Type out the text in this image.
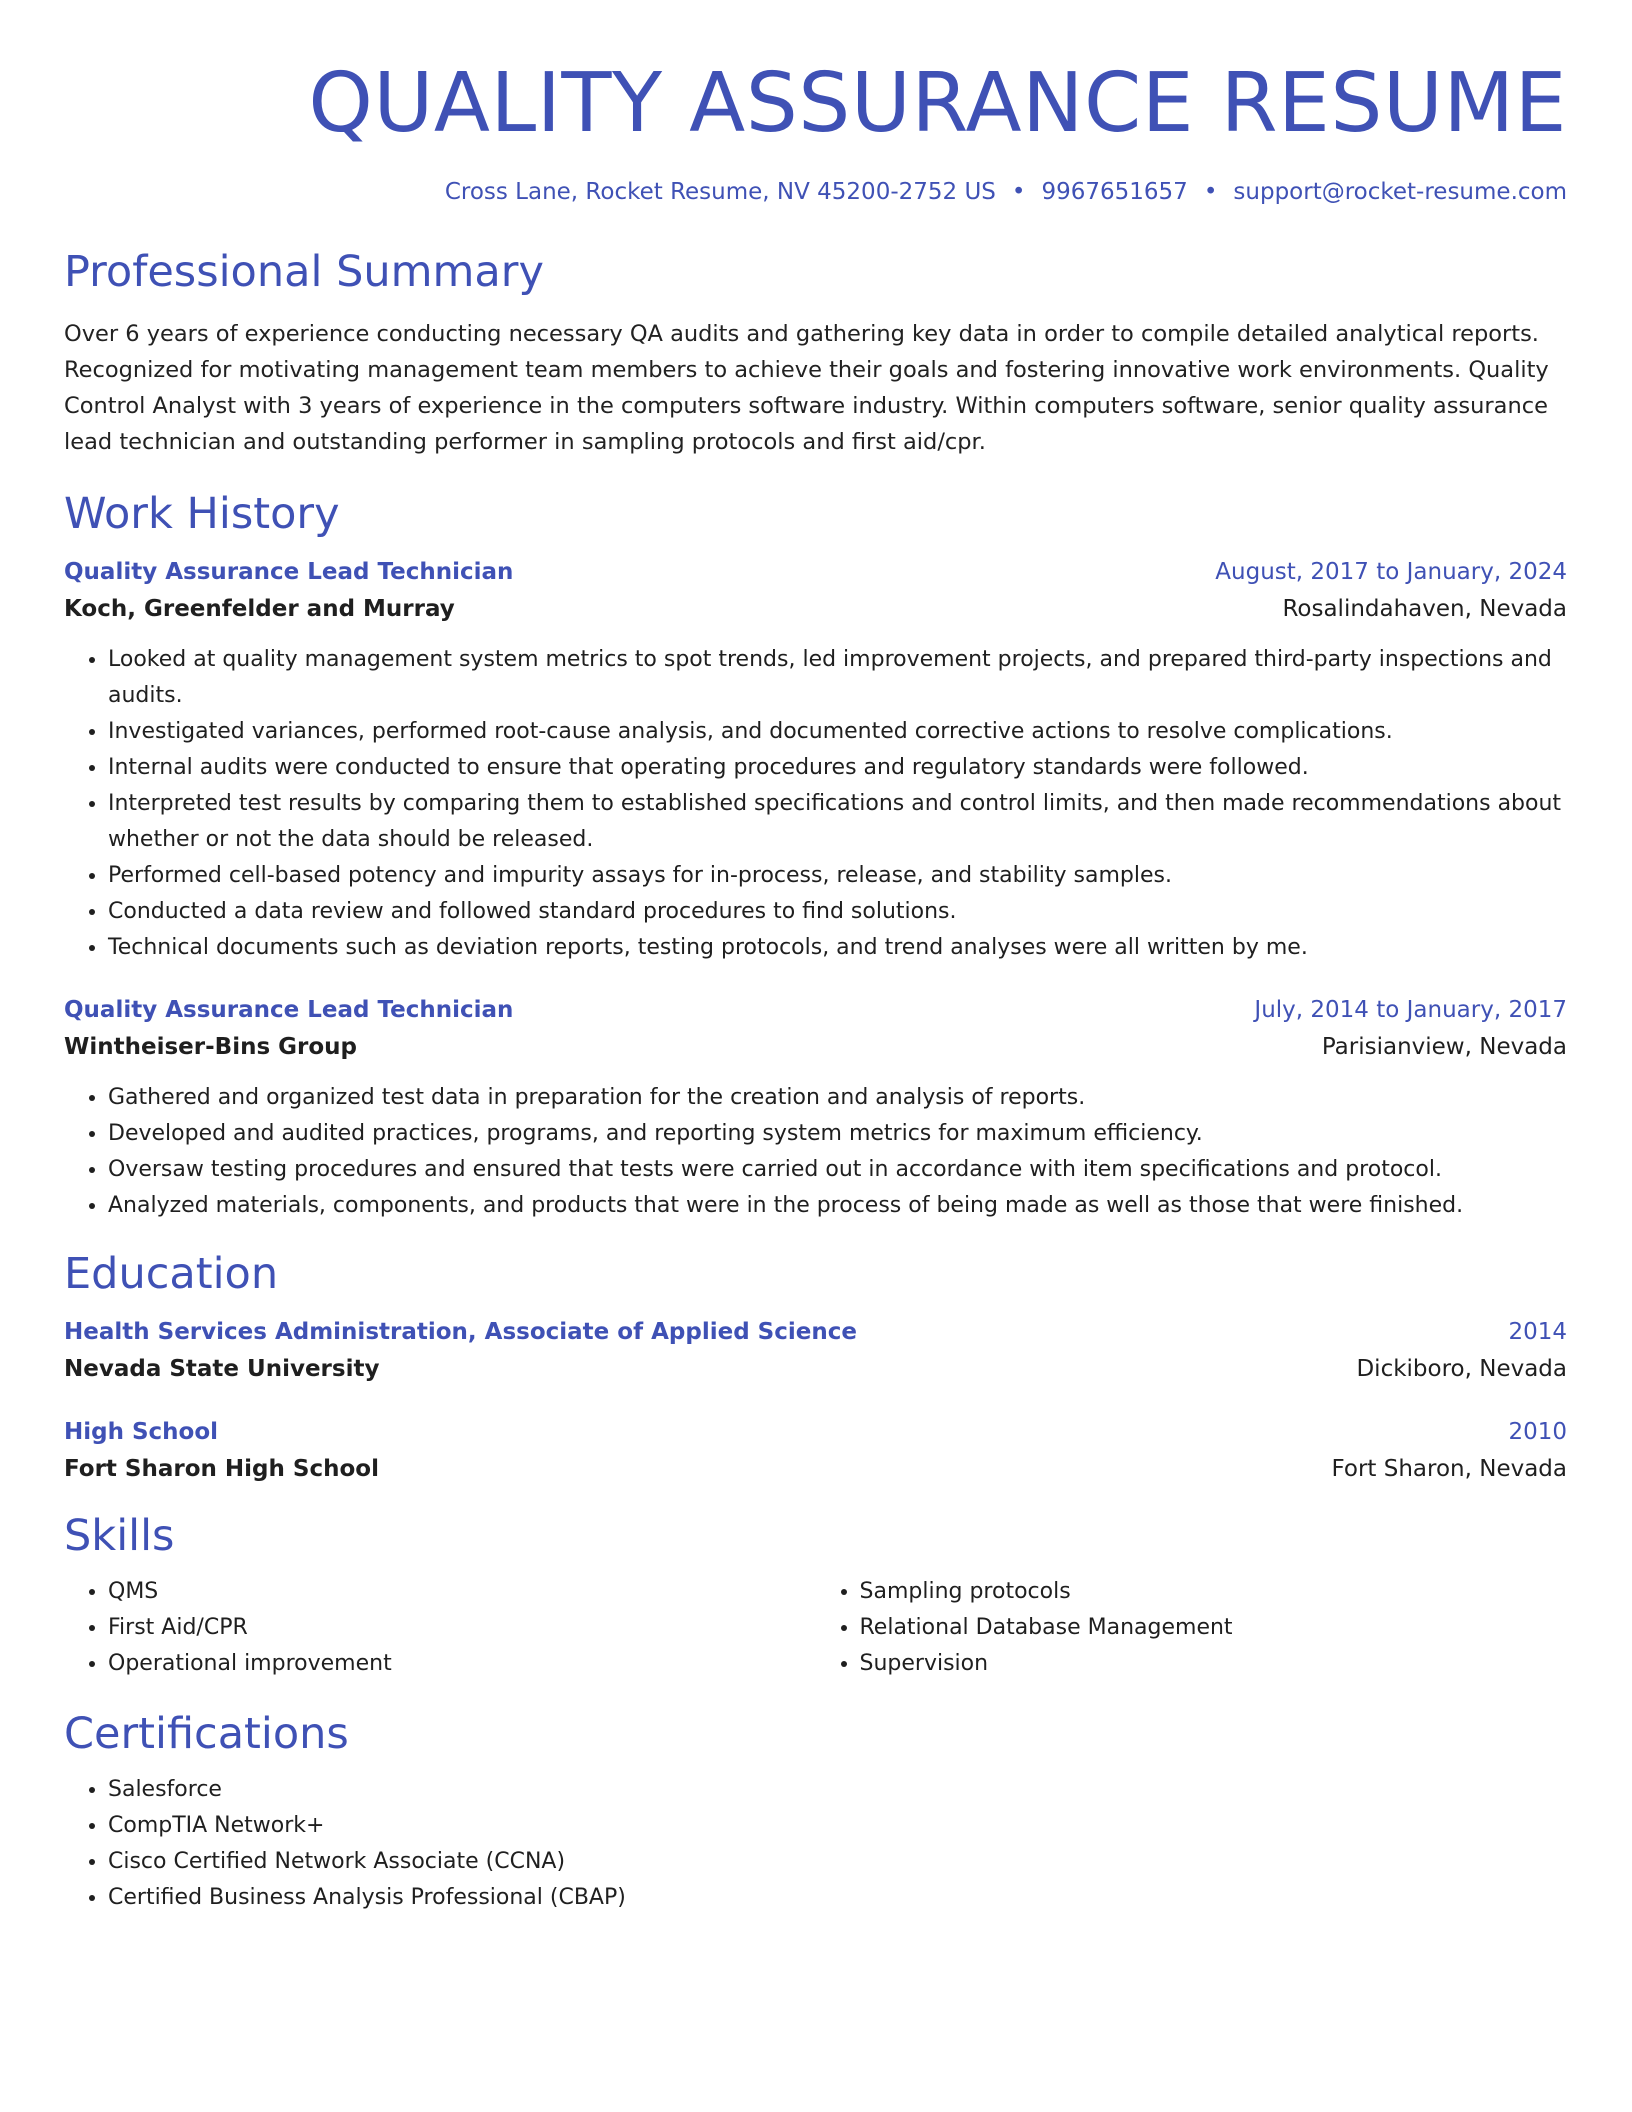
QUALITY ASSURANCE RESUME
Cross Lane, Rocket Resume, NV 45200-2752 US • 9967651657 • support@rocket-resume.com
Professional Summary
Over 6 years of experience conducting necessary QA audits and gathering key data in order to compile detailed analytical reports. Recognized for motivating management team members to achieve their goals and fostering innovative work environments. Quality Control Analyst with 3 years of experience in the computers software industry. Within computers software, senior quality assurance lead technician and outstanding performer in sampling protocols and first aid/cpr.
Work History
Quality Assurance Lead Technician	August, 2017 to January, 2024
Koch, Greenfelder and Murray	Rosalindahaven, Nevada
• Looked at quality management system metrics to spot trends, led improvement projects, and prepared third-party inspections and audits.
• Investigated variances, performed root-cause analysis, and documented corrective actions to resolve complications.
• Internal audits were conducted to ensure that operating procedures and regulatory standards were followed.
• Interpreted test results by comparing them to established specifications and control limits, and then made recommendations about whether or not the data should be released.
• Performed cell-based potency and impurity assays for in-process, release, and stability samples.
• Conducted a data review and followed standard procedures to find solutions.
• Technical documents such as deviation reports, testing protocols, and trend analyses were all written by me.
Quality Assurance Lead Technician	July, 2014 to January, 2017
Wintheiser-Bins Group	Parisianview, Nevada
• Gathered and organized test data in preparation for the creation and analysis of reports.
• Developed and audited practices, programs, and reporting system metrics for maximum efficiency.
• Oversaw testing procedures and ensured that tests were carried out in accordance with item specifications and protocol.
• Analyzed materials, components, and products that were in the process of being made as well as those that were finished.
Education
Health Services Administration, Associate of Applied Science	2014
Nevada State University	Dickiboro, Nevada
High School	2010
Fort Sharon High School	Fort Sharon, Nevada
Skills
• QMS
• First Aid/CPR
• Operational improvement
• Sampling protocols
• Relational Database Management
• Supervision
Certifications
• Salesforce
• CompTIA Network+
• Cisco Certified Network Associate (CCNA)
• Certified Business Analysis Professional (CBAP)
